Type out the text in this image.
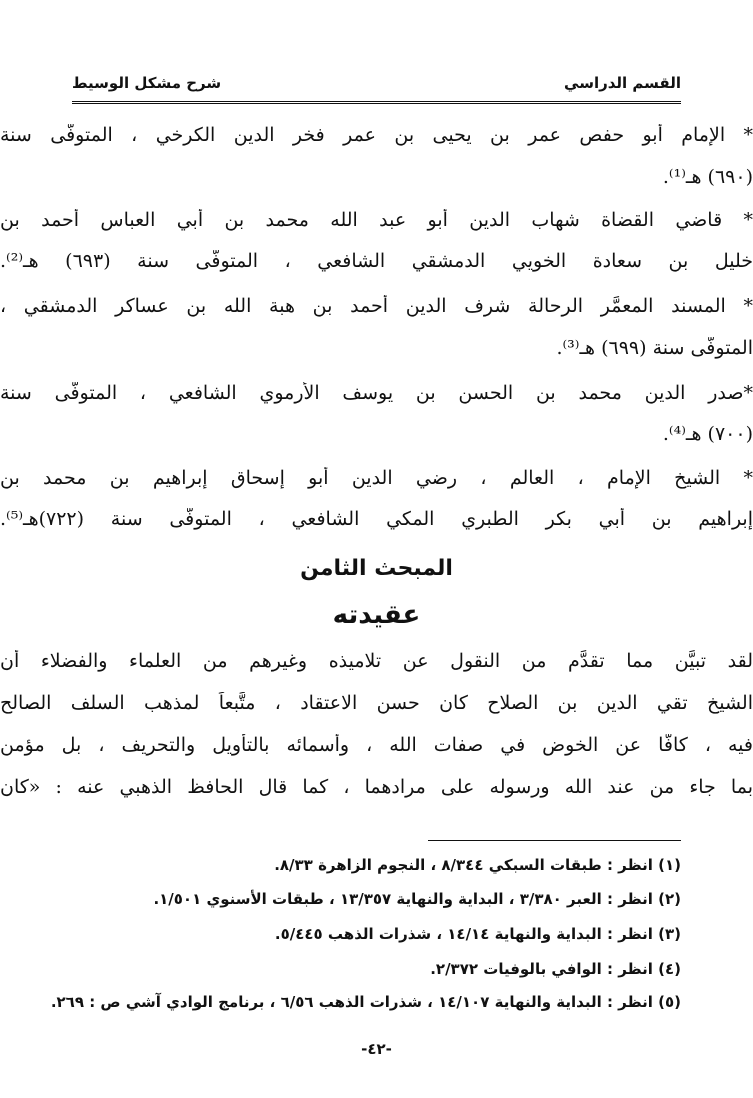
القسم الدراسي
شرح مشكل الوسيط
* الإمام أبو حفص عمر بن يحيى بن عمر فخر الدين الكرخي ، المتوفّى سنة
(٦٩٠) هـ⁽¹⁾.
* قاضي القضاة شهاب الدين أبو عبد الله محمد بن أبي العباس أحمد بن
خليل بن سعادة الخويي الدمشقي الشافعي ، المتوفّى سنة (٦٩٣) هـ⁽²⁾.
* المسند المعمَّر الرحالة شرف الدين أحمد بن هبة الله بن عساكر الدمشقي ،
المتوفّى سنة (٦٩٩) هـ⁽³⁾.
*صدر الدين محمد بن الحسن بن يوسف الأرموي الشافعي ، المتوفّى سنة
(٧٠٠) هـ⁽⁴⁾.
* الشيخ الإمام ، العالم ، رضي الدين أبو إسحاق إبراهيم بن محمد بن
إبراهيم بن أبي بكر الطبري المكي الشافعي ، المتوفّى سنة (٧٢٢)هـ⁽⁵⁾.
المبحث الثامن
عقيدته
لقد تبيَّن مما تقدَّم من النقول عن تلاميذه وغيرهم من العلماء والفضلاء أن
الشيخ تقي الدين بن الصلاح كان حسن الاعتقاد ، متَّبعاً لمذهب السلف الصالح
فيه ، كافًّا عن الخوض في صفات الله ، وأسمائه بالتأويل والتحريف ، بل مؤمن
بما جاء من عند الله ورسوله على مرادهما ، كما قال الحافظ الذهبي عنه : «كان
(١) انظر : طبقات السبكي ٨/٣٤٤ ، النجوم الزاهرة ٨/٣٣.
(٢) انظر : العبر ٣/٣٨٠ ، البداية والنهاية ١٣/٣٥٧ ، طبقات الأسنوي ١/٥٠١.
(٣) انظر : البداية والنهاية ١٤/١٤ ، شذرات الذهب ٥/٤٤٥.
(٤) انظر : الوافي بالوفيات ٢/٣٧٢.
(٥) انظر : البداية والنهاية ١٤/١٠٧ ، شذرات الذهب ٦/٥٦ ، برنامج الوادي آشي ص : ٢٦٩.
-٤٢-
